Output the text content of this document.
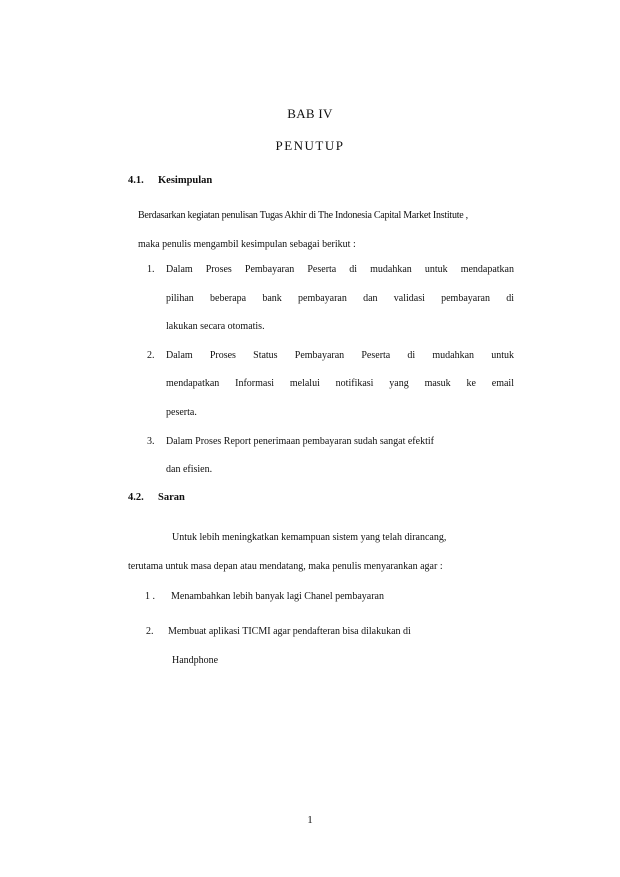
BAB IV
PENUTUP
4.1. Kesimpulan
Berdasarkan kegiatan penulisan Tugas Akhir di The Indonesia Capital Market Institute ,
maka penulis mengambil kesimpulan sebagai berikut :
1. Dalam Proses Pembayaran Peserta di mudahkan untuk mendapatkan
pilihan beberapa bank pembayaran dan validasi pembayaran di
lakukan secara otomatis.
2. Dalam Proses Status Pembayaran Peserta di mudahkan untuk
mendapatkan Informasi melalui notifikasi yang masuk ke email
peserta.
3. Dalam Proses Report penerimaan pembayaran sudah sangat efektif
dan efisien.
4.2. Saran
Untuk lebih meningkatkan kemampuan sistem yang telah dirancang,
terutama untuk masa depan atau mendatang, maka penulis menyarankan agar :
1 . Menambahkan lebih banyak lagi Chanel pembayaran
2. Membuat aplikasi TICMI agar pendafteran bisa dilakukan di
Handphone
1
